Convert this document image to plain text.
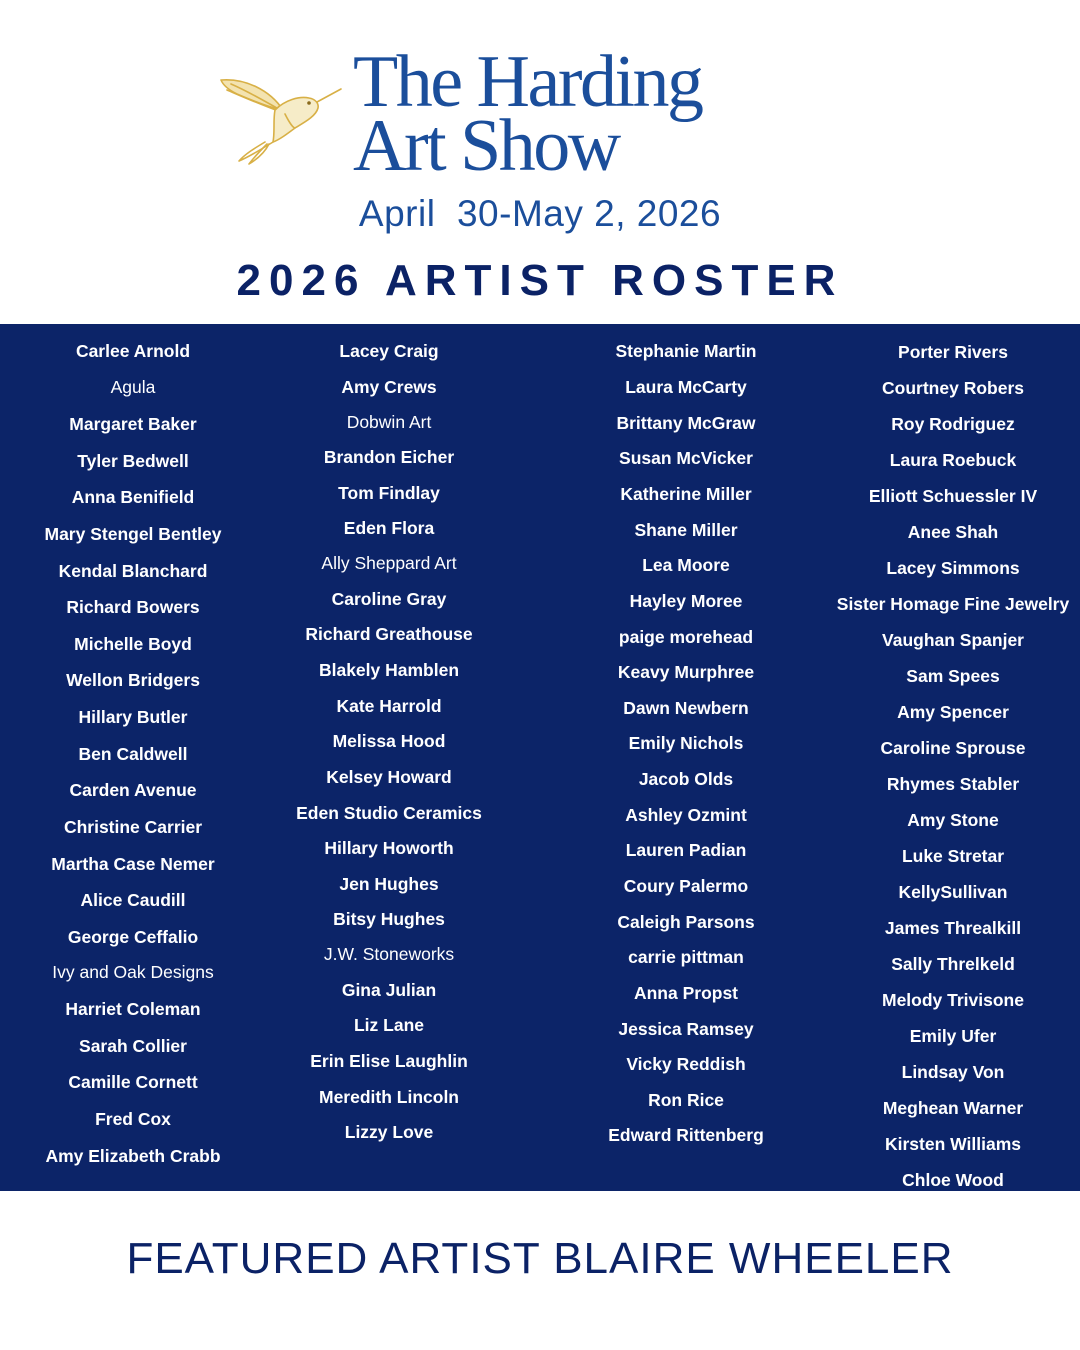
The Harding
Art Show
April  30-May 2, 2026
2026 ARTIST ROSTER
Carlee Arnold
Agula
Margaret Baker
Tyler Bedwell
Anna Benifield
Mary Stengel Bentley
Kendal Blanchard
Richard Bowers
Michelle Boyd
Wellon Bridgers
Hillary Butler
Ben Caldwell
Carden Avenue
Christine Carrier
Martha Case Nemer
Alice Caudill
George Ceffalio
Ivy and Oak Designs
Harriet Coleman
Sarah Collier
Camille Cornett
Fred Cox
Amy Elizabeth Crabb
Lacey Craig
Amy Crews
Dobwin Art
Brandon Eicher
Tom Findlay
Eden Flora
Ally Sheppard Art
Caroline Gray
Richard Greathouse
Blakely Hamblen
Kate Harrold
Melissa Hood
Kelsey Howard
Eden Studio Ceramics
Hillary Howorth
Jen Hughes
Bitsy Hughes
J.W. Stoneworks
Gina Julian
Liz Lane
Erin Elise Laughlin
Meredith Lincoln
Lizzy Love
Stephanie Martin
Laura McCarty
Brittany McGraw
Susan McVicker
Katherine Miller
Shane Miller
Lea Moore
Hayley Moree
paige morehead
Keavy Murphree
Dawn Newbern
Emily Nichols
Jacob Olds
Ashley Ozmint
Lauren Padian
Coury Palermo
Caleigh Parsons
carrie pittman
Anna Propst
Jessica Ramsey
Vicky Reddish
Ron Rice
Edward Rittenberg
Porter Rivers
Courtney Robers
Roy Rodriguez
Laura Roebuck
Elliott Schuessler IV
Anee Shah
Lacey Simmons
Sister Homage Fine Jewelry
Vaughan Spanjer
Sam Spees
Amy Spencer
Caroline Sprouse
Rhymes Stabler
Amy Stone
Luke Stretar
KellySullivan
James Threalkill
Sally Threlkeld
Melody Trivisone
Emily Ufer
Lindsay Von
Meghean Warner
Kirsten Williams
Chloe Wood
FEATURED ARTIST BLAIRE WHEELER
